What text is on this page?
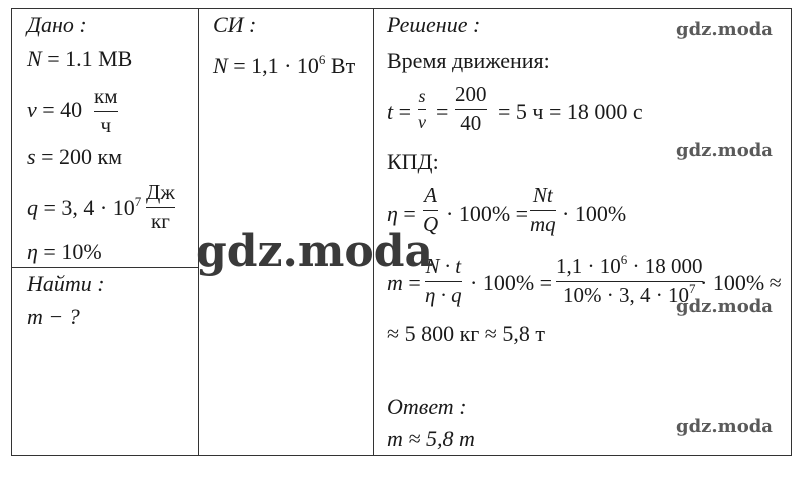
Дано :
N = 1.1 МВ
v = 40
км
ч
s = 200 км
q = 3, $4 \cdot 10^7$ Дж
кг
η = 10%
Найти :
m − ?
СИ :
$N = 1,1 \cdot 10^6$ Вт
Решение :
Время движения:
t =
s
v =
200
40 = 5 ч = 18 000 с
КПД:
η =
A
Q · 100% =
Nt
mq · 100%
m =
N · t
η · q · 100% =
$1,1 \cdot 10^6 \cdot 18$ 000
10% · 3, $4 \cdot 10^7 \cdot 100\%$ ≈
≈ 5 800 кг ≈ 5,8 т
Ответ :
m ≈ 5,8 т
gdz.moda
gdz.moda
gdz.moda
gdz.moda
gdz.moda
